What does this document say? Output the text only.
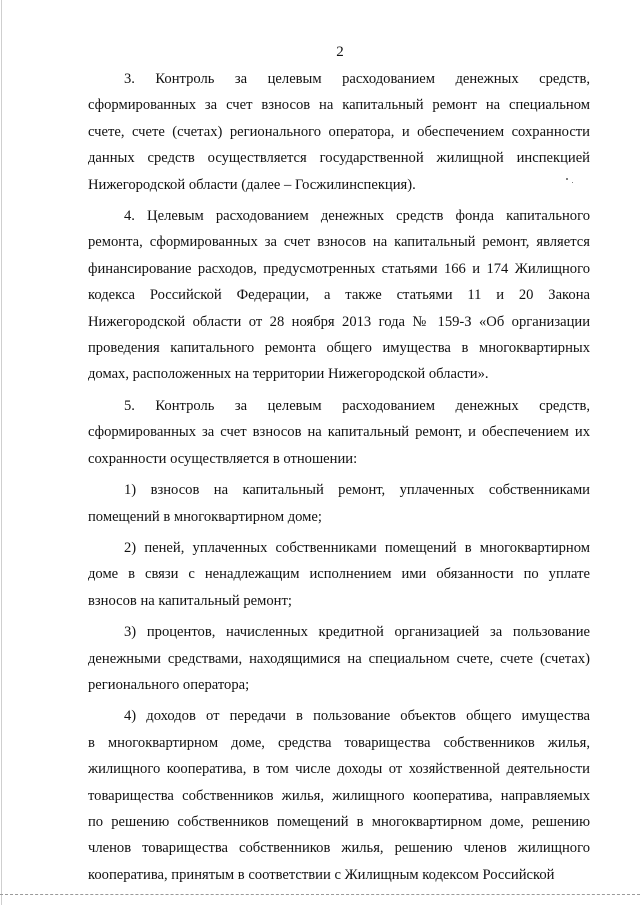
2
3. Контроль за целевым расходованием денежных средств,
сформированных за счет взносов на капитальный ремонт на специальном
счете, счете (счетах) регионального оператора, и обеспечением сохранности
данных средств осуществляется государственной жилищной инспекцией
Нижегородской области (далее – Госжилинспекция).
4. Целевым расходованием денежных средств фонда капитального
ремонта, сформированных за счет взносов на капитальный ремонт, является
финансирование расходов, предусмотренных статьями 166 и 174 Жилищного
кодекса Российской Федерации, а также статьями 11 и 20 Закона
Нижегородской области от 28 ноября 2013 года № 159-З «Об организации
проведения капитального ремонта общего имущества в многоквартирных
домах, расположенных на территории Нижегородской области».
5. Контроль за целевым расходованием денежных средств,
сформированных за счет взносов на капитальный ремонт, и обеспечением их
сохранности осуществляется в отношении:
1) взносов на капитальный ремонт, уплаченных собственниками
помещений в многоквартирном доме;
2) пеней, уплаченных собственниками помещений в многоквартирном
доме в связи с ненадлежащим исполнением ими обязанности по уплате
взносов на капитальный ремонт;
3) процентов, начисленных кредитной организацией за пользование
денежными средствами, находящимися на специальном счете, счете (счетах)
регионального оператора;
4) доходов от передачи в пользование объектов общего имущества
в многоквартирном доме, средства товарищества собственников жилья,
жилищного кооператива, в том числе доходы от хозяйственной деятельности
товарищества собственников жилья, жилищного кооператива, направляемых
по решению собственников помещений в многоквартирном доме, решению
членов товарищества собственников жилья, решению членов жилищного
кооператива, принятым в соответствии с Жилищным кодексом Российской
